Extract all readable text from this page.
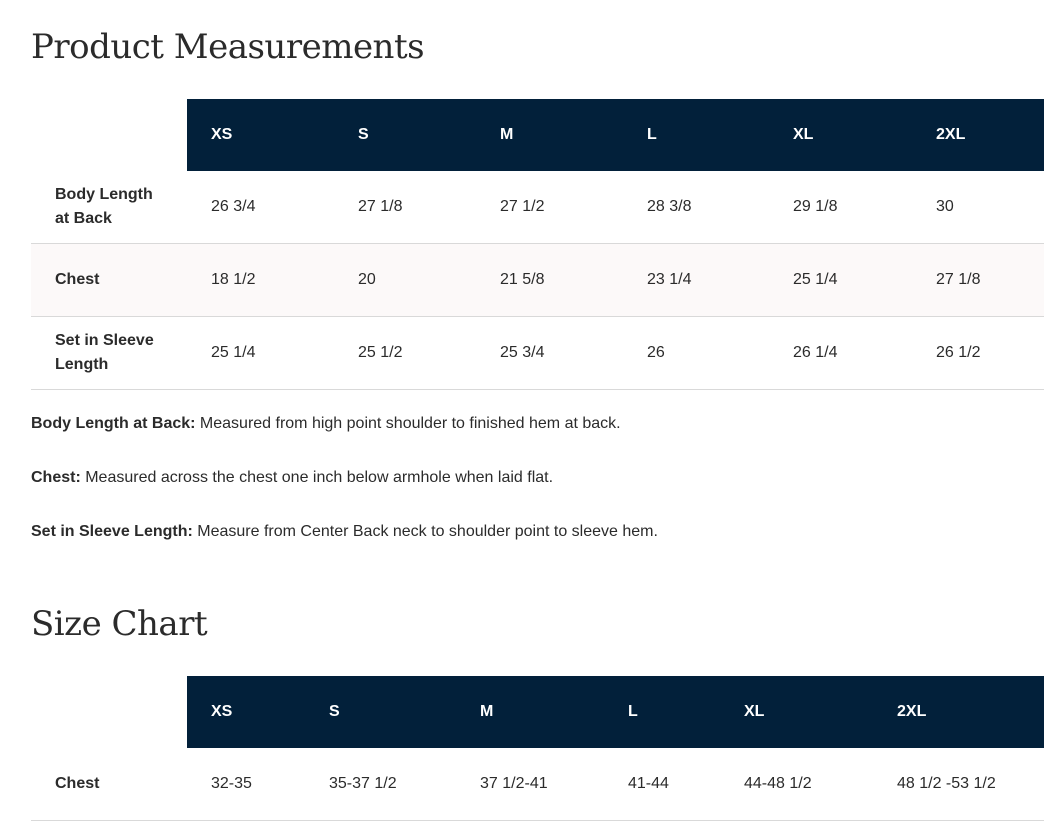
Product Measurements
	XS	S	M	L	XL	2XL
Body Length at Back	26 3/4	27 1/8	27 1/2	28 3/8	29 1/8	30
Chest	18 1/2	20	21 5/8	23 1/4	25 1/4	27 1/8
Set in Sleeve Length	25 1/4	25 1/2	25 3/4	26	26 1/4	26 1/2

Body Length at Back: Measured from high point shoulder to finished hem at back.

Chest: Measured across the chest one inch below armhole when laid flat.

Set in Sleeve Length: Measure from Center Back neck to shoulder point to sleeve hem.

Size Chart
	XS	S	M	L	XL	2XL
Chest	32-35	35-37 1/2	37 1/2-41	41-44	44-48 1/2	48 1/2 -53 1/2
